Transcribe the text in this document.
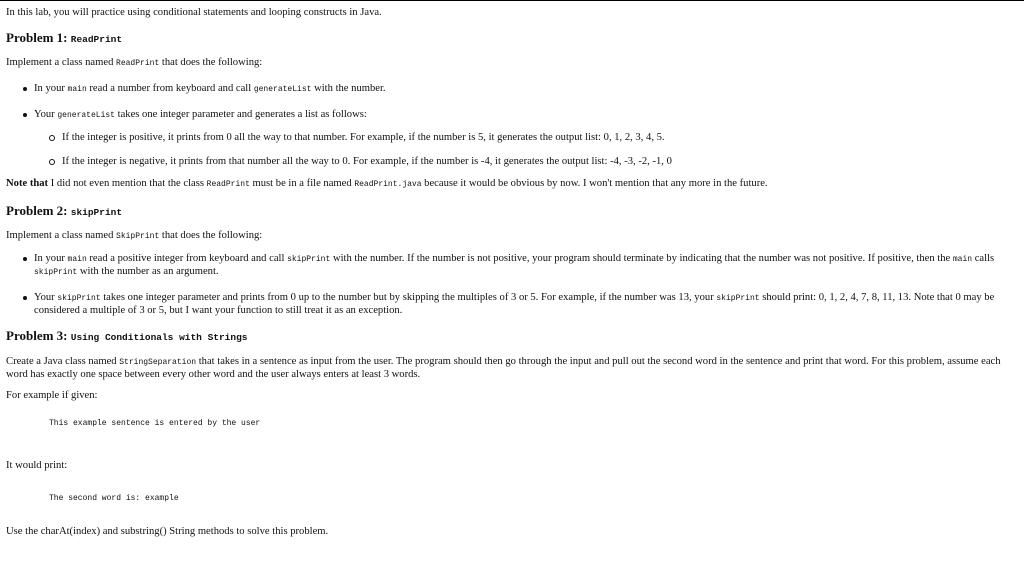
In this lab, you will practice using conditional statements and looping constructs in Java.

Problem 1: ReadPrint

Implement a class named ReadPrint that does the following:

In your main read a number from keyboard and call generateList with the number.
Your generateList takes one integer parameter and generates a list as follows:
If the integer is positive, it prints from 0 all the way to that number. For example, if the number is 5, it generates the output list: 0, 1, 2, 3, 4, 5.
If the integer is negative, it prints from that number all the way to 0. For example, if the number is -4, it generates the output list: -4, -3, -2, -1, 0

Note that I did not even mention that the class ReadPrint must be in a file named ReadPrint.java because it would be obvious by now. I won't mention that any more in the future.

Problem 2: skipPrint

Implement a class named SkipPrint that does the following:

In your main read a positive integer from keyboard and call skipPrint with the number. If the number is not positive, your program should terminate by indicating that the number was not positive. If positive, then the main calls skipPrint with the number as an argument.
Your skipPrint takes one integer parameter and prints from 0 up to the number but by skipping the multiples of 3 or 5. For example, if the number was 13, your skipPrint should print: 0, 1, 2, 4, 7, 8, 11, 13. Note that 0 may be considered a multiple of 3 or 5, but I want your function to still treat it as an exception.
Problem 3: Using Conditionals with Strings

Create a Java class named StringSeparation that takes in a sentence as input from the user. The program should then go through the input and pull out the second word in the sentence and print that word. For this problem, assume each word has exactly one space between every other word and the user always enters at least 3 words.

For example if given:

This example sentence is entered by the user

It would print:

The second word is: example

Use the charAt(index) and substring() String methods to solve this problem.
